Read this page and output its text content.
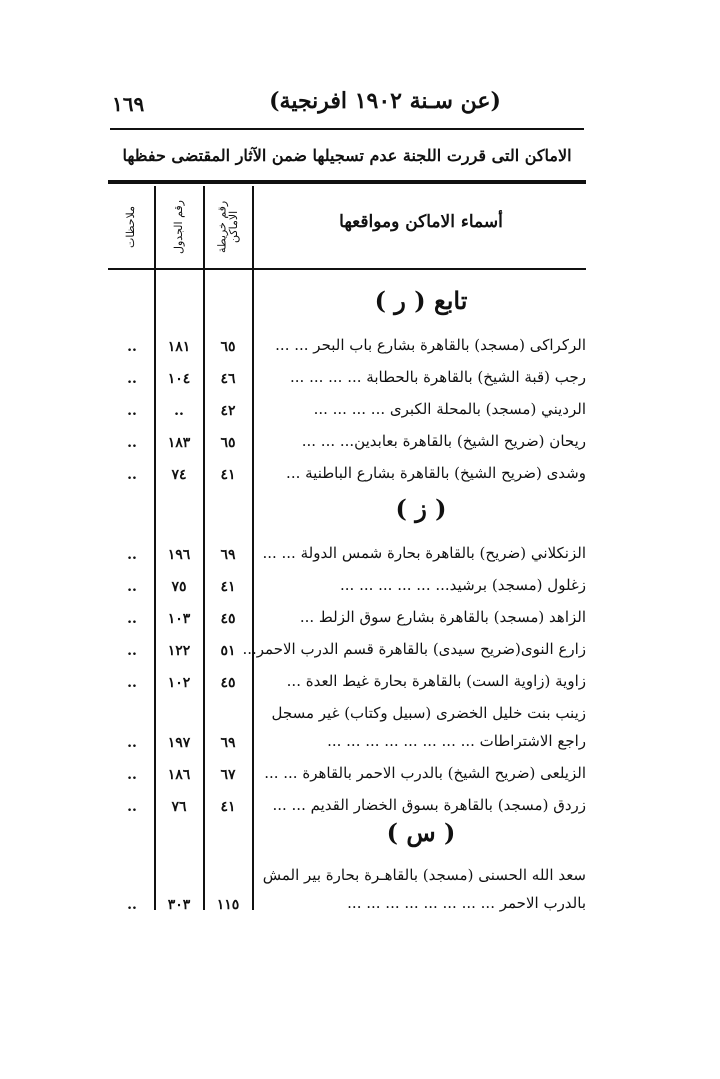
١٦٩	(عن سـنة ١٩٠٢ افرنجية)
الاماكن التى قررت اللجنة عدم تسجيلها ضمن الآثار المقتضى حفظها
أسماء الاماكن ومواقعها
رقم خريطة الاماكن
رقم الجدول
ملاحظات
تابع ( ر )
الركراكى (مسجد) بالقاهرة بشارع باب البحر ... ...
٦٥
١٨١
..
رجب (قبة الشيخ) بالقاهرة بالحطابة ... ... ... ...
٤٦
١٠٤
..
الرديني (مسجد) بالمحلة الكبرى ... ... ... ...
٤٢
..
..
ريحان (ضريح الشيخ) بالقاهرة بعابدين... ... ...
٦٥
١٨٣
..
وشدى (ضريح الشيخ) بالقاهرة بشارع الباطنية ...
٤١
٧٤
..
( ز )
الزنكلاني (ضريح) بالقاهرة بحارة شمس الدولة ... ...
٦٩
١٩٦
..
زغلول (مسجد) برشيد... ... ... ... ... ...
٤١
٧٥
..
الزاهد (مسجد) بالقاهرة بشارع سوق الزلط ...
٤٥
١٠٣
..
زارع النوى(ضريح سيدى) بالقاهرة قسم الدرب الاحمر...
٥١
١٢٢
..
زاوية (زاوية الست) بالقاهرة بحارة غيط العدة ...
٤٥
١٠٢
..
زينب بنت خليل الخضرى (سبيل وكتاب) غير مسجل
راجع الاشتراطات ... ... ... ... ... ... ... ...
٦٩
١٩٧
..
الزيلعى (ضريح الشيخ) بالدرب الاحمر بالقاهرة ... ...
٦٧
١٨٦
..
زردق (مسجد) بالقاهرة بسوق الخضار القديم ... ...
٤١
٧٦
..
( س )
سعد الله الحسنى (مسجد) بالقاهـرة بحارة بير المش
بالدرب الاحمر ... ... ... ... ... ... ... ...
١١٥
٣٠٣
..
